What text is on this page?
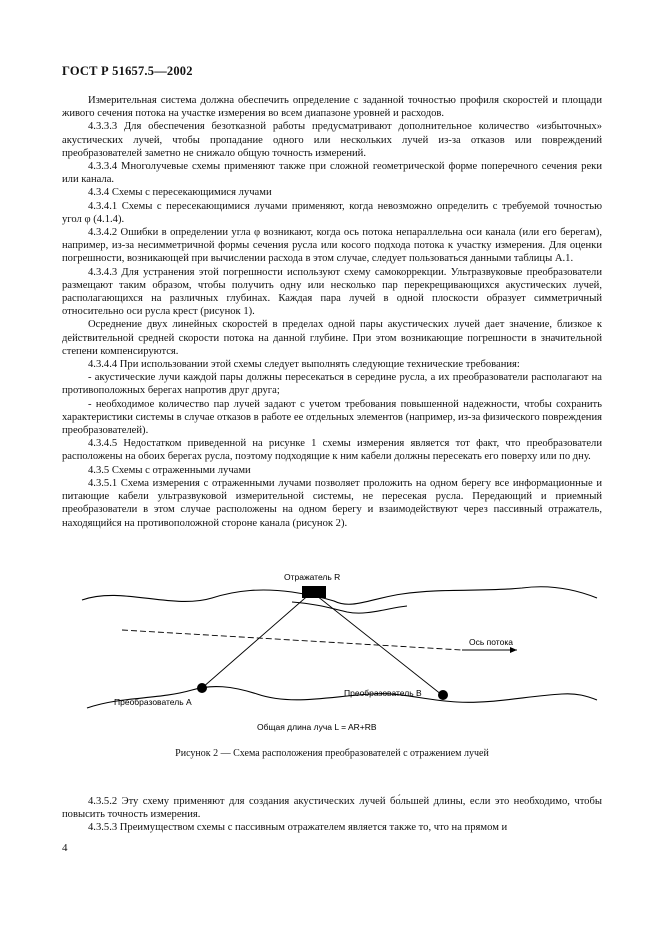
ГОСТ Р 51657.5—2002

Измерительная система должна обеспечить определение с заданной точностью профиля скоростей и площади живого сечения потока на участке измерения во всем диапазоне уровней и расходов.

4.3.3.3 Для обеспечения безотказной работы предусматривают дополнительное количество «избыточных» акустических лучей, чтобы пропадание одного или нескольких лучей из-за отказов или повреждений преобразователей заметно не снижало общую точность измерений.

4.3.3.4 Многолучевые схемы применяют также при сложной геометрической форме поперечного сечения реки или канала.

4.3.4 Схемы с пересекающимися лучами

4.3.4.1 Схемы с пересекающимися лучами применяют, когда невозможно определить с требуемой точностью угол φ (4.1.4).

4.3.4.2 Ошибки в определении угла φ возникают, когда ось потока непараллельна оси канала (или его берегам), например, из-за несимметричной формы сечения русла или косого подхода потока к участку измерения. Для оценки погрешности, возникающей при вычислении расхода в этом случае, следует пользоваться данными таблицы А.1.

4.3.4.3 Для устранения этой погрешности используют схему самокоррекции. Ультразвуковые преобразователи размещают таким образом, чтобы получить одну или несколько пар перекрещивающихся акустических лучей, располагающихся на различных глубинах. Каждая пара лучей в одной плоскости образует симметричный относительно оси русла крест (рисунок 1).

Осреднение двух линейных скоростей в пределах одной пары акустических лучей дает значение, близкое к действительной средней скорости потока на данной глубине. При этом возникающие погрешности в значительной степени компенсируются.

4.3.4.4 При использовании этой схемы следует выполнять следующие технические требования:

- акустические лучи каждой пары должны пересекаться в середине русла, а их преобразователи располагают на противоположных берегах напротив друг друга;

- необходимое количество пар лучей задают с учетом требования повышенной надежности, чтобы сохранить характеристики системы в случае отказов в работе ее отдельных элементов (например, из-за физического повреждения преобразователей).

4.3.4.5 Недостатком приведенной на рисунке 1 схемы измерения является тот факт, что преобразователи расположены на обоих берегах русла, поэтому подходящие к ним кабели должны пересекать его поверху или по дну.

4.3.5 Схемы с отраженными лучами

4.3.5.1 Схема измерения с отраженными лучами позволяет проложить на одном берегу все информационные и питающие кабели ультразвуковой измерительной системы, не пересекая русла. Передающий и приемный преобразователи в этом случае расположены на одном берегу и взаимодействуют через пассивный отражатель, находящийся на противоположной стороне канала (рисунок 2).

Отражатель R
Ось потока
Преобразователь A
Преобразователь B
Общая длина луча L = AR+RB
Рисунок 2 — Схема расположения преобразователей с отражением лучей

4.3.5.2 Эту схему применяют для создания акустических лучей бо́льшей длины, если это необходимо, чтобы повысить точность измерения.

4.3.5.3 Преимуществом схемы с пассивным отражателем является также то, что на прямом и

4
